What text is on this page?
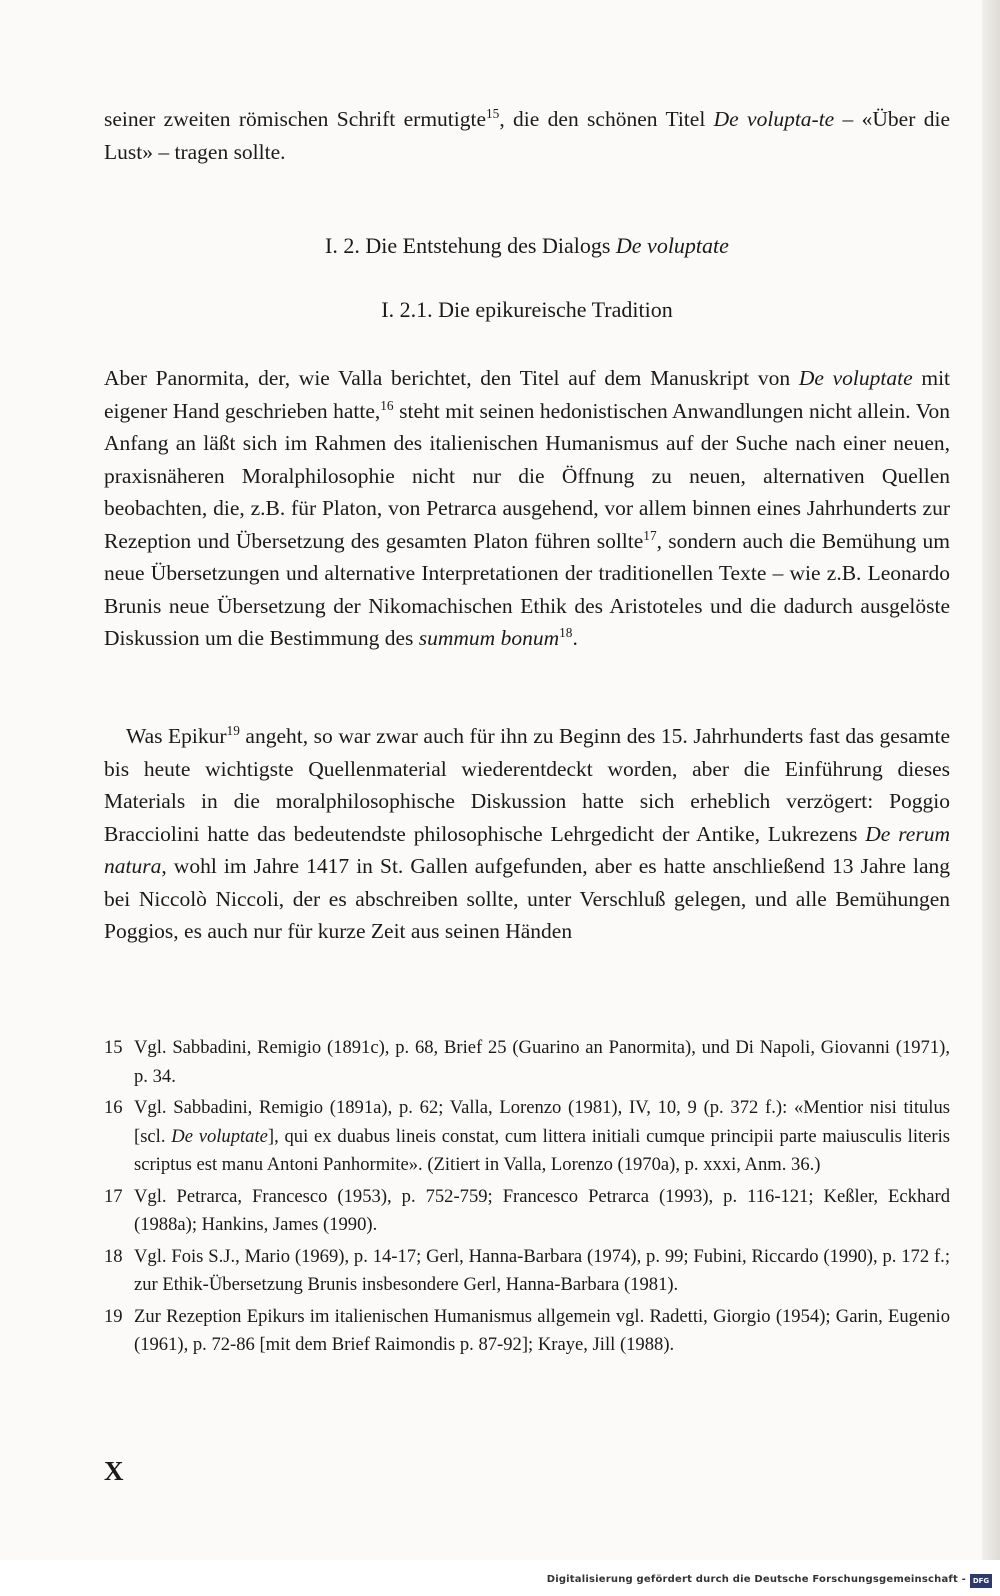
seiner zweiten römischen Schrift ermutigte$^{15}$, die den schönen Titel De volupta-te – «Über die Lust» – tragen sollte.

I. 2. Die Entstehung des Dialogs De voluptate

I. 2.1. Die epikureische Tradition

Aber Panormita, der, wie Valla berichtet, den Titel auf dem Manuskript von De voluptate mit eigener Hand geschrieben hatte,$^{16}$ steht mit seinen hedonistischen Anwandlungen nicht allein. Von Anfang an läßt sich im Rahmen des italienischen Humanismus auf der Suche nach einer neuen, praxisnäheren Moralphilosophie nicht nur die Öffnung zu neuen, alternativen Quellen beobachten, die, z.B. für Platon, von Petrarca ausgehend, vor allem binnen eines Jahrhunderts zur Rezeption und Übersetzung des gesamten Platon führen sollte$^{17}$, sondern auch die Bemühung um neue Übersetzungen und alternative Interpretationen der traditionellen Texte – wie z.B. Leonardo Brunis neue Übersetzung der Nikomachischen Ethik des Aristoteles und die dadurch ausgelöste Diskussion um die Bestimmung des summum bonum$^{18}$.

Was Epikur$^{19}$ angeht, so war zwar auch für ihn zu Beginn des 15. Jahrhunderts fast das gesamte bis heute wichtigste Quellenmaterial wiederentdeckt worden, aber die Einführung dieses Materials in die moralphilosophische Diskussion hatte sich erheblich verzögert: Poggio Bracciolini hatte das bedeutendste philosophische Lehrgedicht der Antike, Lukrezens De rerum natura, wohl im Jahre 1417 in St. Gallen aufgefunden, aber es hatte anschließend 13 Jahre lang bei Niccolò Niccoli, der es abschreiben sollte, unter Verschluß gelegen, und alle Bemühungen Poggios, es auch nur für kurze Zeit aus seinen Händen

15 Vgl. Sabbadini, Remigio (1891c), p. 68, Brief 25 (Guarino an Panormita), und Di Napoli, Giovanni (1971), p. 34.
16 Vgl. Sabbadini, Remigio (1891a), p. 62; Valla, Lorenzo (1981), IV, 10, 9 (p. 372 f.): «Mentior nisi titulus [scl. De voluptate], qui ex duabus lineis constat, cum littera initiali cumque principii parte maiusculis literis scriptus est manu Antoni Panhormite». (Zitiert in Valla, Lorenzo (1970a), p. xxxi, Anm. 36.)
17 Vgl. Petrarca, Francesco (1953), p. 752-759; Francesco Petrarca (1993), p. 116-121; Keßler, Eckhard (1988a); Hankins, James (1990).
18 Vgl. Fois S.J., Mario (1969), p. 14-17; Gerl, Hanna-Barbara (1974), p. 99; Fubini, Riccardo (1990), p. 172 f.; zur Ethik-Übersetzung Brunis insbesondere Gerl, Hanna-Barbara (1981).
19 Zur Rezeption Epikurs im italienischen Humanismus allgemein vgl. Radetti, Giorgio (1954); Garin, Eugenio (1961), p. 72-86 [mit dem Brief Raimondis p. 87-92]; Kraye, Jill (1988).
X
Digitalisierung gefördert durch die Deutsche Forschungsgemeinschaft - DFG
